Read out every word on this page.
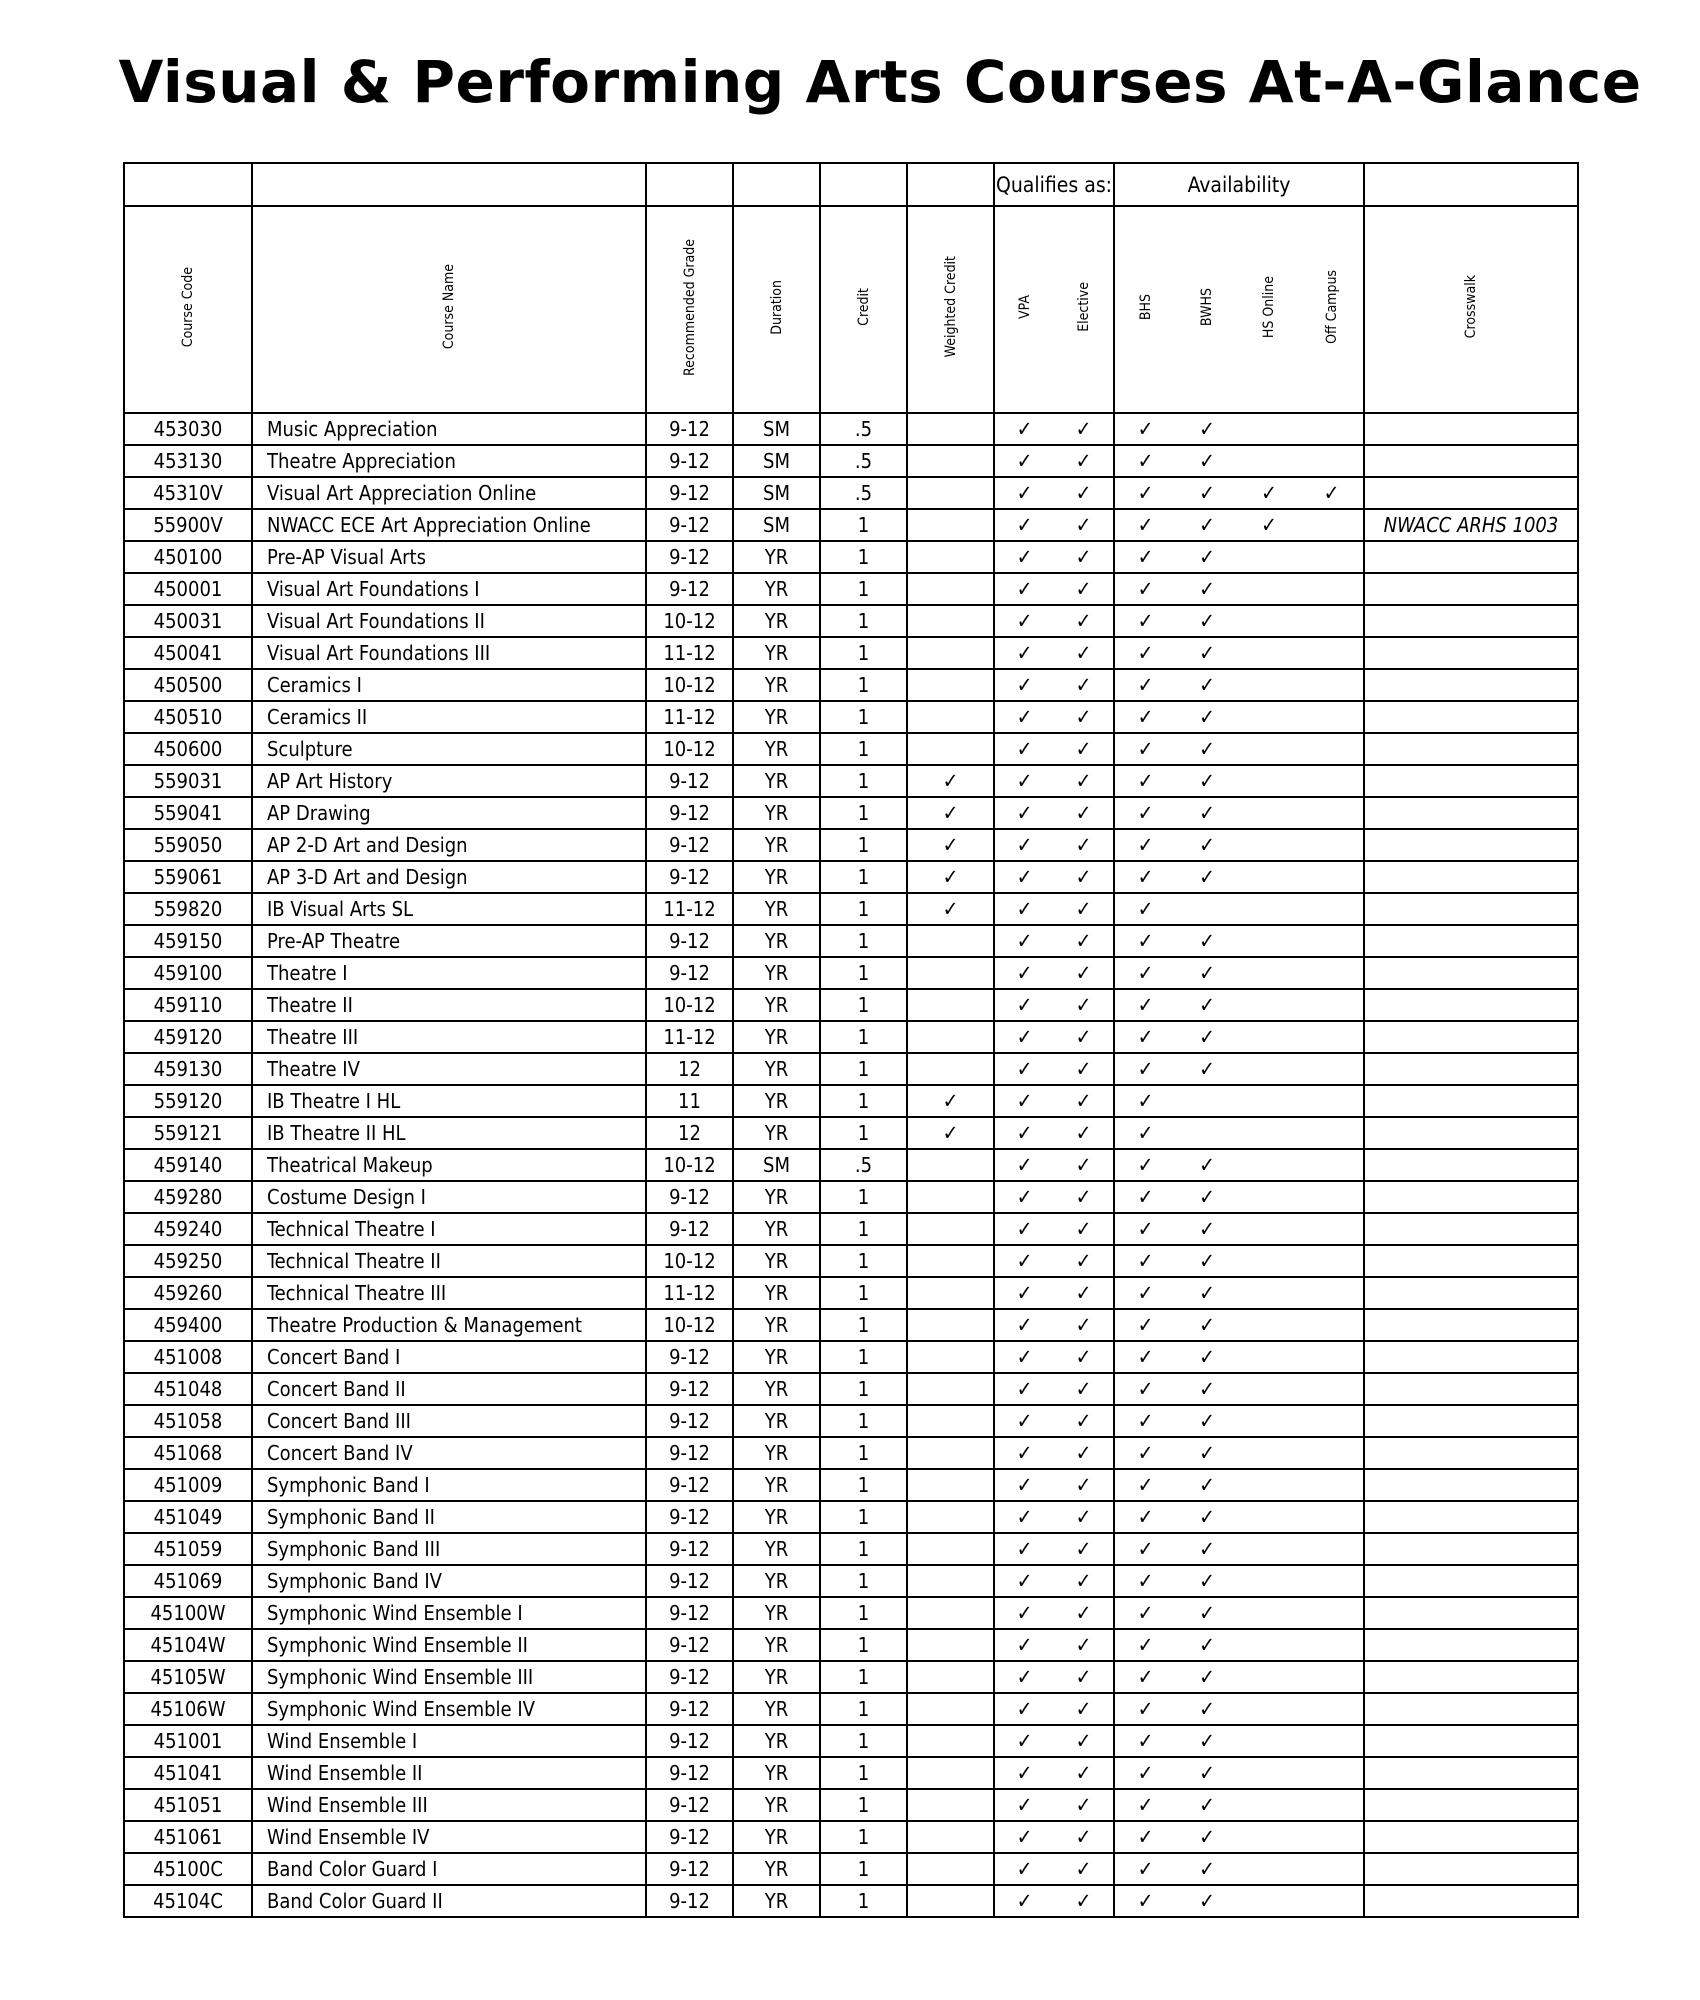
Visual & Performing Arts Courses At-A-Glance
						Qualifies as:		Availability				
Course Code	Course Name	Recommended Grade	Duration	Credit	Weighted Credit	VPA	Elective	BHS	BWHS	HS Online	Off Campus	Crosswalk
453030	Music Appreciation	9-12	SM	.5		✓	✓	✓	✓			
453130	Theatre Appreciation	9-12	SM	.5		✓	✓	✓	✓			
45310V	Visual Art Appreciation Online	9-12	SM	.5		✓	✓	✓	✓	✓	✓	
55900V	NWACC ECE Art Appreciation Online	9-12	SM	1		✓	✓	✓	✓	✓		NWACC ARHS 1003
450100	Pre-AP Visual Arts	9-12	YR	1		✓	✓	✓	✓			
450001	Visual Art Foundations I	9-12	YR	1		✓	✓	✓	✓			
450031	Visual Art Foundations II	10-12	YR	1		✓	✓	✓	✓			
450041	Visual Art Foundations III	11-12	YR	1		✓	✓	✓	✓			
450500	Ceramics I	10-12	YR	1		✓	✓	✓	✓			
450510	Ceramics II	11-12	YR	1		✓	✓	✓	✓			
450600	Sculpture	10-12	YR	1		✓	✓	✓	✓			
559031	AP Art History	9-12	YR	1	✓	✓	✓	✓	✓			
559041	AP Drawing	9-12	YR	1	✓	✓	✓	✓	✓			
559050	AP 2-D Art and Design	9-12	YR	1	✓	✓	✓	✓	✓			
559061	AP 3-D Art and Design	9-12	YR	1	✓	✓	✓	✓	✓			
559820	IB Visual Arts SL	11-12	YR	1	✓	✓	✓	✓				
459150	Pre-AP Theatre	9-12	YR	1		✓	✓	✓	✓			
459100	Theatre I	9-12	YR	1		✓	✓	✓	✓			
459110	Theatre II	10-12	YR	1		✓	✓	✓	✓			
459120	Theatre III	11-12	YR	1		✓	✓	✓	✓			
459130	Theatre IV	12	YR	1		✓	✓	✓	✓			
559120	IB Theatre I HL	11	YR	1	✓	✓	✓	✓				
559121	IB Theatre II HL	12	YR	1	✓	✓	✓	✓				
459140	Theatrical Makeup	10-12	SM	.5		✓	✓	✓	✓			
459280	Costume Design I	9-12	YR	1		✓	✓	✓	✓			
459240	Technical Theatre I	9-12	YR	1		✓	✓	✓	✓			
459250	Technical Theatre II	10-12	YR	1		✓	✓	✓	✓			
459260	Technical Theatre III	11-12	YR	1		✓	✓	✓	✓			
459400	Theatre Production & Management	10-12	YR	1		✓	✓	✓	✓			
451008	Concert Band I	9-12	YR	1		✓	✓	✓	✓			
451048	Concert Band II	9-12	YR	1		✓	✓	✓	✓			
451058	Concert Band III	9-12	YR	1		✓	✓	✓	✓			
451068	Concert Band IV	9-12	YR	1		✓	✓	✓	✓			
451009	Symphonic Band I	9-12	YR	1		✓	✓	✓	✓			
451049	Symphonic Band II	9-12	YR	1		✓	✓	✓	✓			
451059	Symphonic Band III	9-12	YR	1		✓	✓	✓	✓			
451069	Symphonic Band IV	9-12	YR	1		✓	✓	✓	✓			
45100W	Symphonic Wind Ensemble I	9-12	YR	1		✓	✓	✓	✓			
45104W	Symphonic Wind Ensemble II	9-12	YR	1		✓	✓	✓	✓			
45105W	Symphonic Wind Ensemble III	9-12	YR	1		✓	✓	✓	✓			
45106W	Symphonic Wind Ensemble IV	9-12	YR	1		✓	✓	✓	✓			
451001	Wind Ensemble I	9-12	YR	1		✓	✓	✓	✓			
451041	Wind Ensemble II	9-12	YR	1		✓	✓	✓	✓			
451051	Wind Ensemble III	9-12	YR	1		✓	✓	✓	✓			
451061	Wind Ensemble IV	9-12	YR	1		✓	✓	✓	✓			
45100C	Band Color Guard I	9-12	YR	1		✓	✓	✓	✓			
45104C	Band Color Guard II	9-12	YR	1		✓	✓	✓	✓			
